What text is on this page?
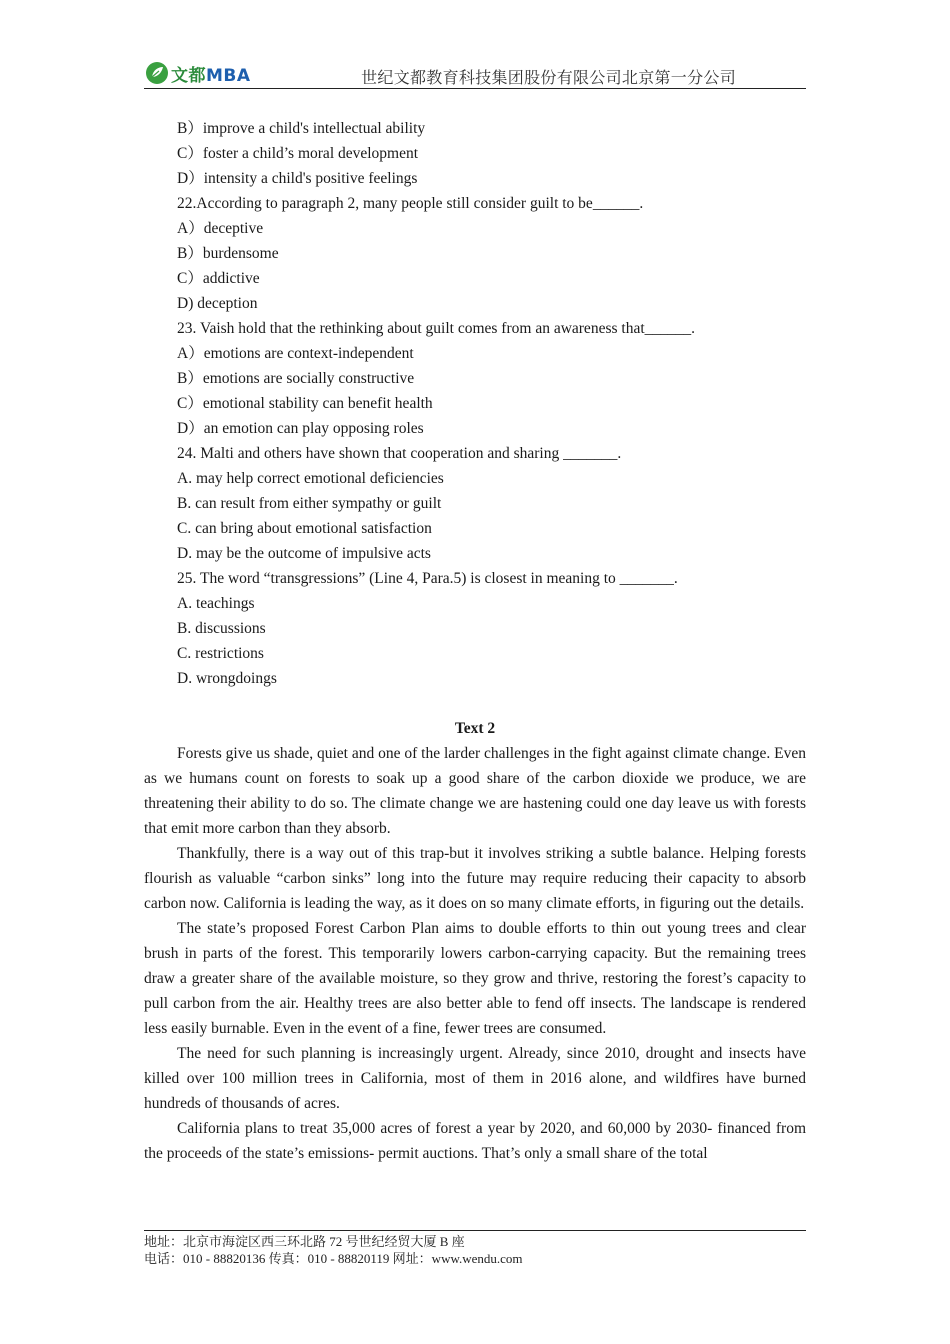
文都MBA	世纪文都教育科技集团股份有限公司北京第一分公司
B）improve a child's intellectual ability
C）foster a child’s moral development
D）intensity a child's positive feelings
22.According to paragraph 2, many people still consider guilt to be______.
A）deceptive
B）burdensome
C）addictive
D) deception
23. Vaish hold that the rethinking about guilt comes from an awareness that______.
A）emotions are context-independent
B）emotions are socially constructive
C）emotional stability can benefit health
D）an emotion can play opposing roles
24. Malti and others have shown that cooperation and sharing _______.
A. may help correct emotional deficiencies
B. can result from either sympathy or guilt
C. can bring about emotional satisfaction
D. may be the outcome of impulsive acts
25. The word “transgressions” (Line 4, Para.5) is closest in meaning to _______.
A. teachings
B. discussions
C. restrictions
D. wrongdoings
Text 2

Forests give us shade, quiet and one of the larder challenges in the fight against climate change. Even as we humans count on forests to soak up a good share of the carbon dioxide we produce, we are threatening their ability to do so. The climate change we are hastening could one day leave us with forests that emit more carbon than they absorb.

Thankfully, there is a way out of this trap-but it involves striking a subtle balance. Helping forests flourish as valuable “carbon sinks” long into the future may require reducing their capacity to absorb carbon now. California is leading the way, as it does on so many climate efforts, in figuring out the details.

The state’s proposed Forest Carbon Plan aims to double efforts to thin out young trees and clear brush in parts of the forest. This temporarily lowers carbon-carrying capacity. But the remaining trees draw a greater share of the available moisture, so they grow and thrive, restoring the forest’s capacity to pull carbon from the air. Healthy trees are also better able to fend off insects. The landscape is rendered less easily burnable. Even in the event of a fine, fewer trees are consumed.

The need for such planning is increasingly urgent. Already, since 2010, drought and insects have killed over 100 million trees in California, most of them in 2016 alone, and wildfires have burned hundreds of thousands of acres.

California plans to treat 35,000 acres of forest a year by 2020, and 60,000 by 2030- financed from the proceeds of the state’s emissions- permit auctions. That’s only a small share of the total

地址：北京市海淀区西三环北路 72 号世纪经贸大厦 B 座
电话：010 - 88820136 传真：010 - 88820119 网址：www.wendu.com
